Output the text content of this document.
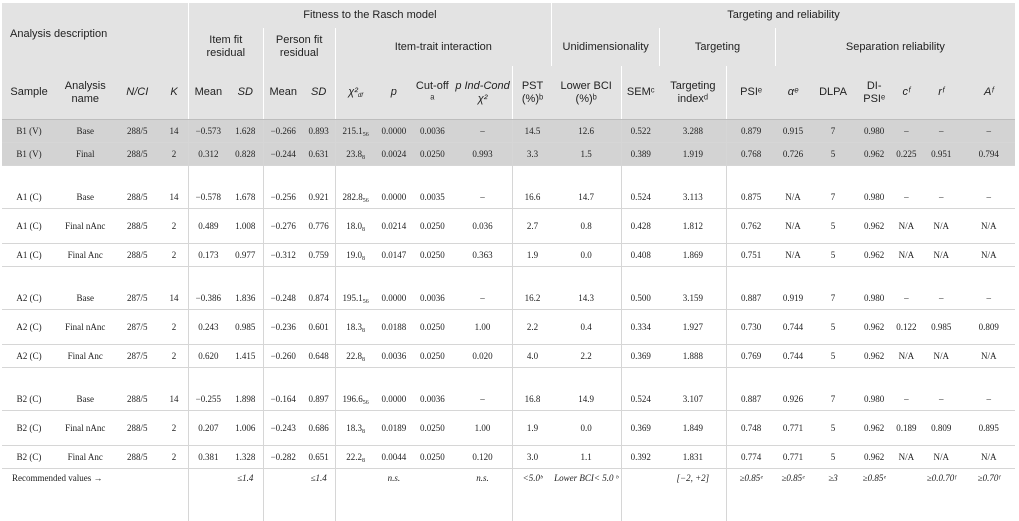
Analysis description				Fitness to the Rasch model									Targeting and reliability									
				Item fit residual		Person fit residual		Item-trait interaction					Unidimensionality		Targeting		Separation reliability					
Sample	Analysis name	N/CI	K	Mean	SD	Mean	SD	$\chi^2_{df}$	p	Cut-off ᵃ	p Ind-Cond χ²	PST (%)ᵇ	Lower BCI (%)ᵇ	SEMᶜ	Targeting indexᵈ	PSIᵉ	αᵉ	DLPA	DI-PSIᵉ	cᶠ	rᶠ	Aᶠ
B1 (V)	Base	288/5	14	−0.573	1.628	−0.266	0.893	$215.1_{56}$	0.0000	0.0036	–	14.5	12.6	0.522	3.288	0.879	0.915	7	0.980	–	–	–
B1 (V)	Final	288/5	2	0.312	0.828	−0.244	0.631	$23.8_8$	0.0024	0.0250	0.993	3.3	1.5	0.389	1.919	0.768	0.726	5	0.962	0.225	0.951	0.794

A1 (C)	Base	288/5	14	−0.578	1.678	−0.256	0.921	$282.8_{56}$	0.0000	0.0035	–	16.6	14.7	0.524	3.113	0.875	N/A	7	0.980	–	–	–
A1 (C)	Final nAnc	288/5	2	0.489	1.008	−0.276	0.776	$18.0_8$	0.0214	0.0250	0.036	2.7	0.8	0.428	1.812	0.762	N/A	5	0.962	N/A	N/A	N/A
A1 (C)	Final Anc	288/5	2	0.173	0.977	−0.312	0.759	$19.0_8$	0.0147	0.0250	0.363	1.9	0.0	0.408	1.869	0.751	N/A	5	0.962	N/A	N/A	N/A

A2 (C)	Base	287/5	14	−0.386	1.836	−0.248	0.874	$195.1_{56}$	0.0000	0.0036	–	16.2	14.3	0.500	3.159	0.887	0.919	7	0.980	–	–	–
A2 (C)	Final nAnc	287/5	2	0.243	0.985	−0.236	0.601	$18.3_8$	0.0188	0.0250	1.00	2.2	0.4	0.334	1.927	0.730	0.744	5	0.962	0.122	0.985	0.809
A2 (C)	Final Anc	287/5	2	0.620	1.415	−0.260	0.648	$22.8_8$	0.0036	0.0250	0.020	4.0	2.2	0.369	1.888	0.769	0.744	5	0.962	N/A	N/A	N/A

B2 (C)	Base	288/5	14	−0.255	1.898	−0.164	0.897	$196.6_{56}$	0.0000	0.0036	–	16.8	14.9	0.524	3.107	0.887	0.926	7	0.980	–	–	–
B2 (C)	Final nAnc	288/5	2	0.207	1.006	−0.243	0.686	$18.3_8$	0.0189	0.0250	1.00	1.9	0.0	0.369	1.849	0.748	0.771	5	0.962	0.189	0.809	0.895
B2 (C)	Final Anc	288/5	2	0.381	1.328	−0.282	0.651	$22.2_8$	0.0044	0.0250	0.120	3.0	1.1	0.392	1.831	0.774	0.771	5	0.962	N/A	N/A	N/A
Recommended values →					≤1.4		≤1.4		n.s.		n.s.	<5.0ᵇ	Lower BCI< 5.0 ᵇ		[−2, +2]	≥0.85ᵉ	≥0.85ᵉ	≥3	≥0.85ᵉ		≥0.0.70ᶠ	≥0.70ᶠ
